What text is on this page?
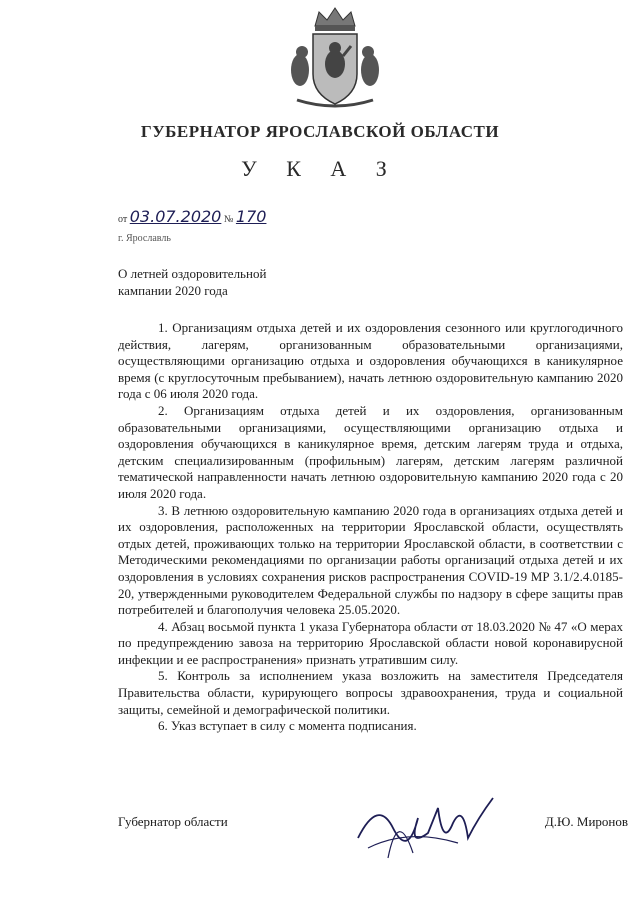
ГУБЕРНАТОР ЯРОСЛАВСКОЙ ОБЛАСТИ
У К А З
от 03.07.2020 № 170
г. Ярославль
О летней оздоровительной
кампании 2020 года

1. Организациям отдыха детей и их оздоровления сезонного или круглогодичного действия, лагерям, организованным образовательными организациями, осуществляющими организацию отдыха и оздоровления обучающихся в каникулярное время (с круглосуточным пребыванием), начать летнюю оздоровительную кампанию 2020 года с 06 июля 2020 года.

2. Организациям отдыха детей и их оздоровления, организованным образовательными организациями, осуществляющими организацию отдыха и оздоровления обучающихся в каникулярное время, детским лагерям труда и отдыха, детским специализированным (профильным) лагерям, детским лагерям различной тематической направленности начать летнюю оздоровительную кампанию 2020 года с 20 июля 2020 года.

3. В летнюю оздоровительную кампанию 2020 года в организациях отдыха детей и их оздоровления, расположенных на территории Ярославской области, осуществлять отдых детей, проживающих только на территории Ярославской области, в соответствии с Методическими рекомендациями по организации работы организаций отдыха детей и их оздоровления в условиях сохранения рисков распространения COVID-19 МР 3.1/2.4.0185-20, утвержденными руководителем Федеральной службы по надзору в сфере защиты прав потребителей и благополучия человека 25.05.2020.

4. Абзац восьмой пункта 1 указа Губернатора области от 18.03.2020 № 47 «О мерах по предупреждению завоза на территорию Ярославской области новой коронавирусной инфекции и ее распространения» признать утратившим силу.

5. Контроль за исполнением указа возложить на заместителя Председателя Правительства области, курирующего вопросы здравоохранения, труда и социальной защиты, семейной и демографической политики.

6. Указ вступает в силу с момента подписания.

Губернатор области	Д.Ю. Миронов
